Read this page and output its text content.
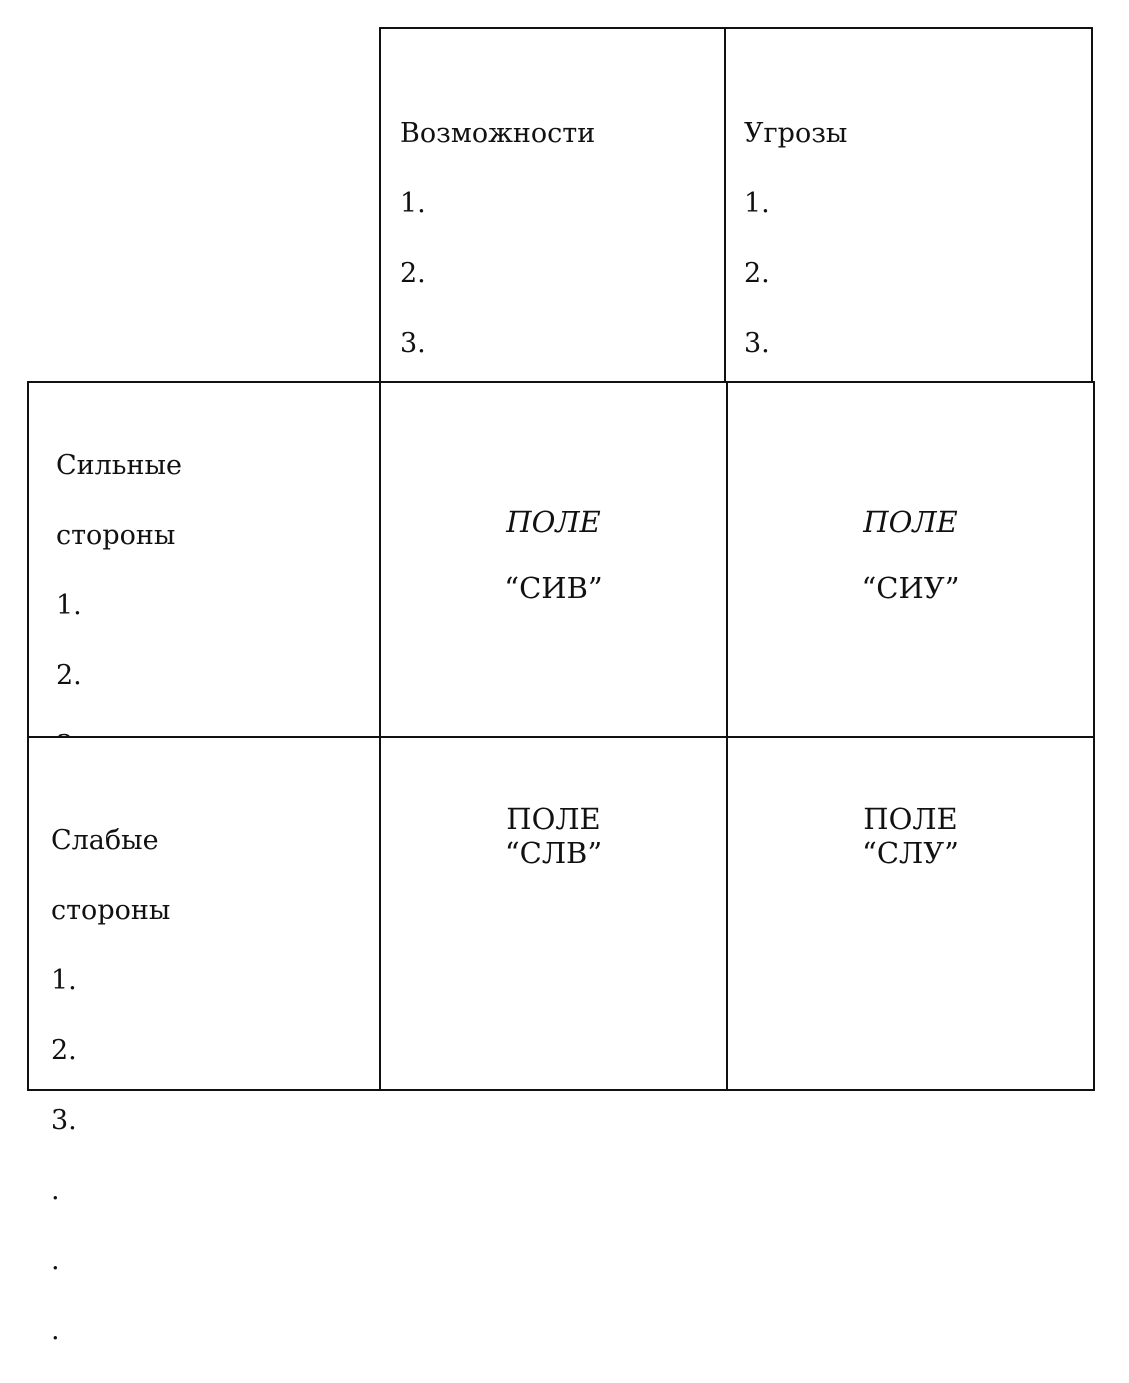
Возможности

1.

2.

3.

Угрозы

1.

2.

3.

Сильные

стороны

1.

2.

ПОЛЕ
“СИВ”
ПОЛЕ
“СИУ”

Слабые

стороны

1.

2.

3.

.

.

.

ПОЛЕ
“СЛВ”
ПОЛЕ
“СЛУ”
